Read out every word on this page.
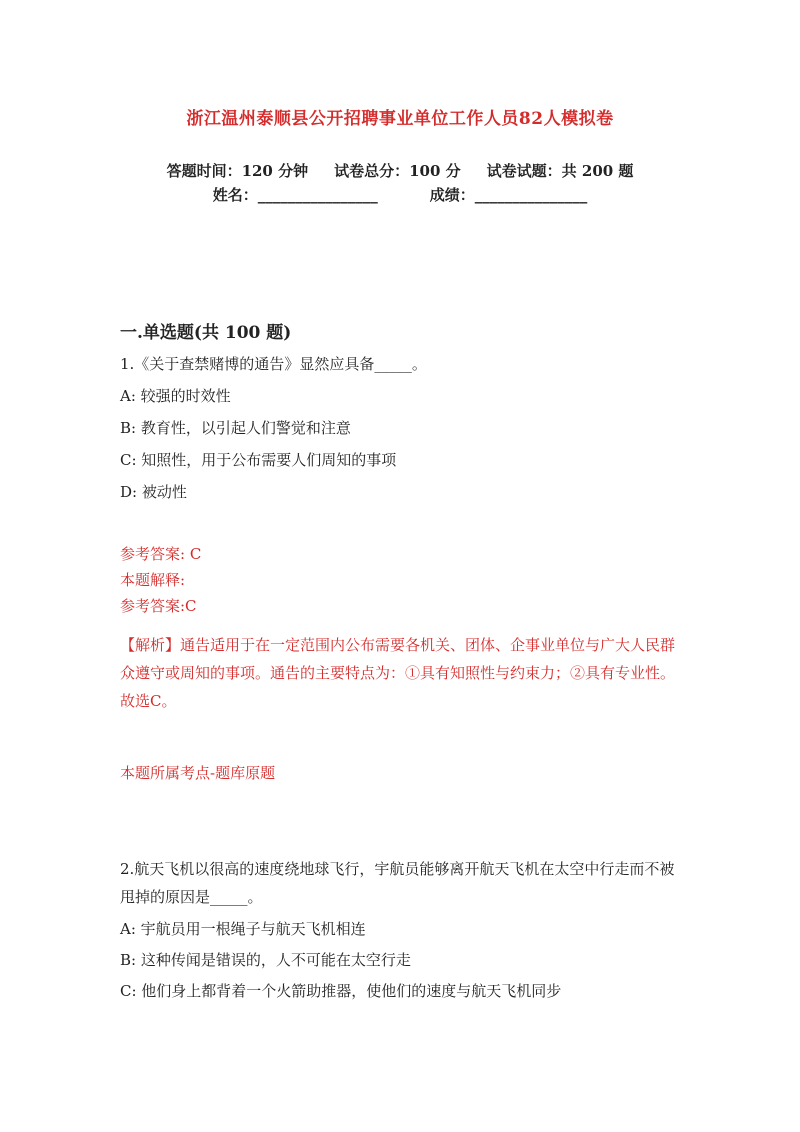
浙江温州泰顺县公开招聘事业单位工作人员82人模拟卷
答题时间：120 分钟 试卷总分：100 分 试卷试题：共 200 题
姓名：________________	成绩：_______________
一.单选题(共 100 题)
1.《关于查禁赌博的通告》显然应具备_____。
A: 较强的时效性
B: 教育性，以引起人们警觉和注意
C: 知照性，用于公布需要人们周知的事项
D: 被动性
参考答案: C
本题解释:
参考答案:C
【解析】通告适用于在一定范围内公布需要各机关、团体、企事业单位与广大人民群众遵守或周知的事项。通告的主要特点为：①具有知照性与约束力；②具有专业性。故选C。
本题所属考点-题库原题
2.航天飞机以很高的速度绕地球飞行，宇航员能够离开航天飞机在太空中行走而不被甩掉的原因是_____。
A: 宇航员用一根绳子与航天飞机相连
B: 这种传闻是错误的，人不可能在太空行走
C: 他们身上都背着一个火箭助推器，使他们的速度与航天飞机同步
